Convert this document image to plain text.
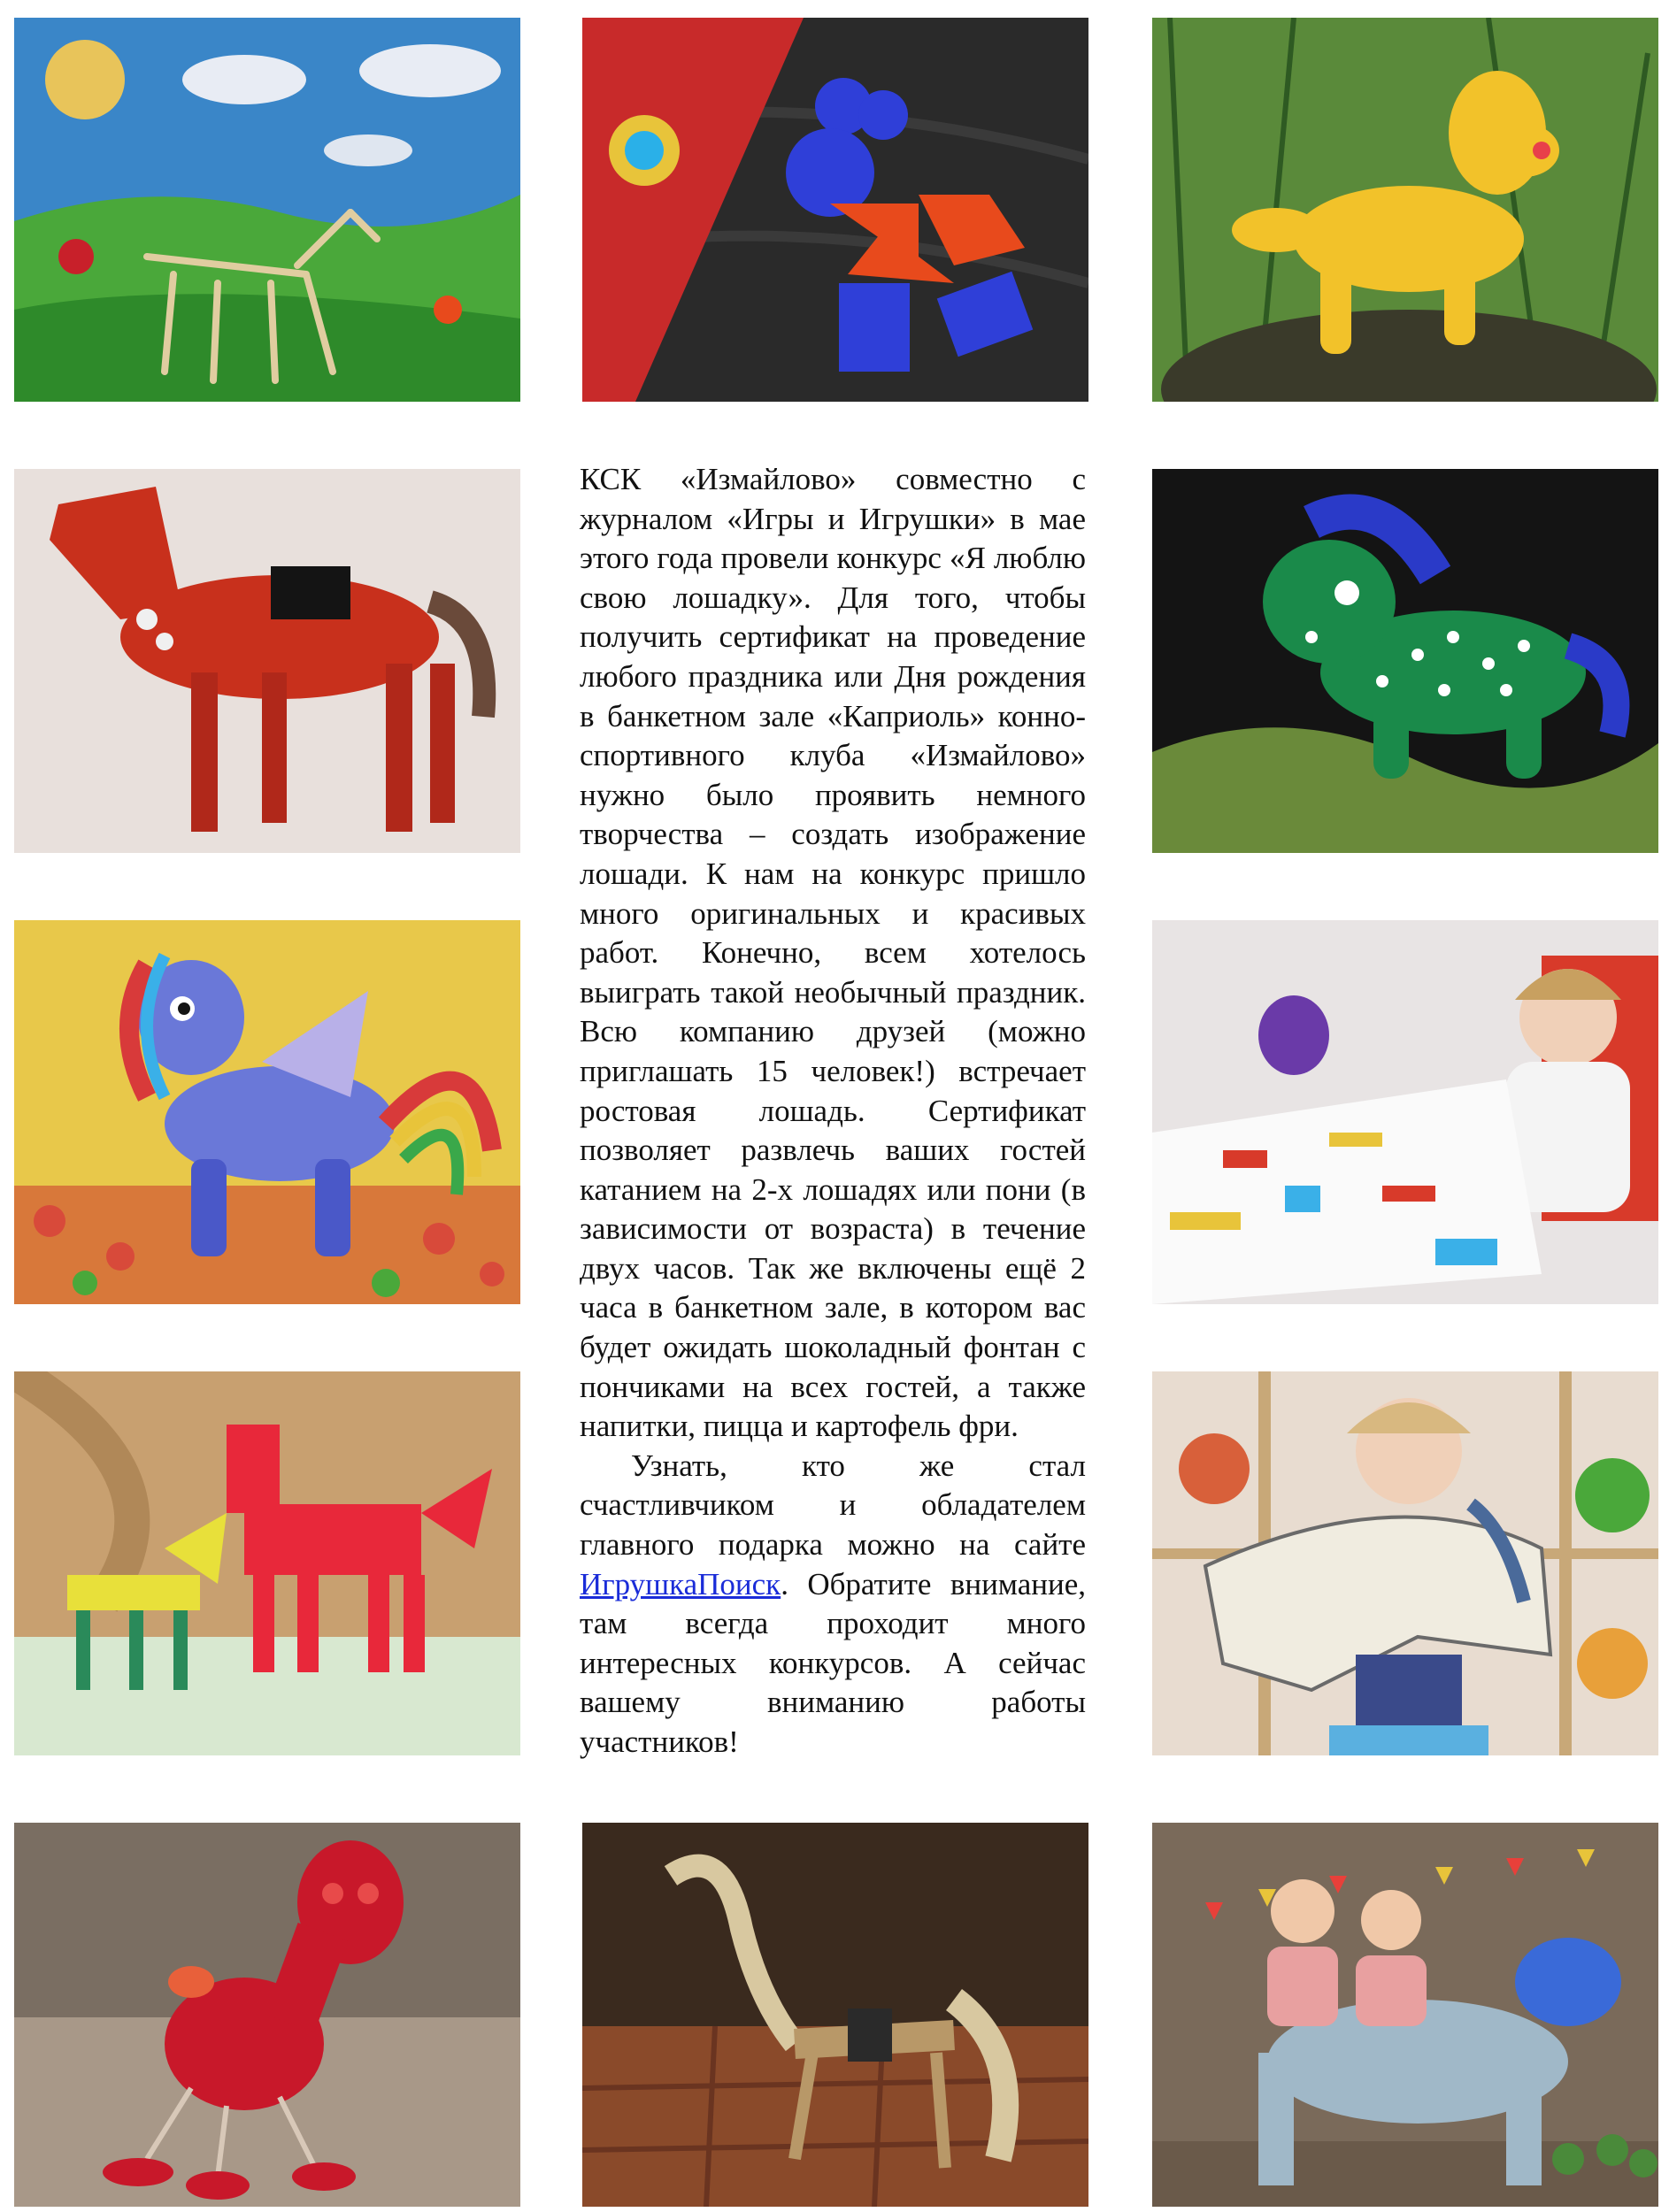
КСК «Измайлово» совместно с журналом «Игры и Игрушки» в мае этого года провели конкурс «Я люблю свою лошадку». Для того, чтобы получить сертификат на проведение любого праздника или Дня рождения в банкетном зале «Каприоль» конно-спортивного клуба «Измайлово» нужно было проявить немного творчества – создать изображение лошади. К нам на конкурс пришло много оригинальных и красивых работ. Конечно, всем хотелось выиграть такой необычный праздник. Всю компанию друзей (можно приглашать 15 человек!) встречает ростовая лошадь. Сертификат позволяет развлечь ваших гостей катанием на 2-х лошадях или пони (в зависимости от возраста) в течение двух часов. Так же включены ещё 2 часа в банкетном зале, в котором вас будет ожидать шоколадный фонтан с пончиками на всех гостей, а также напитки, пицца и картофель фри.

Узнать, кто же стал счастливчиком и обладателем главного подарка можно на сайте ИгрушкаПоиск. Обратите внимание, там всегда проходит много интересных конкурсов. А сейчас вашему вниманию работы участников!
